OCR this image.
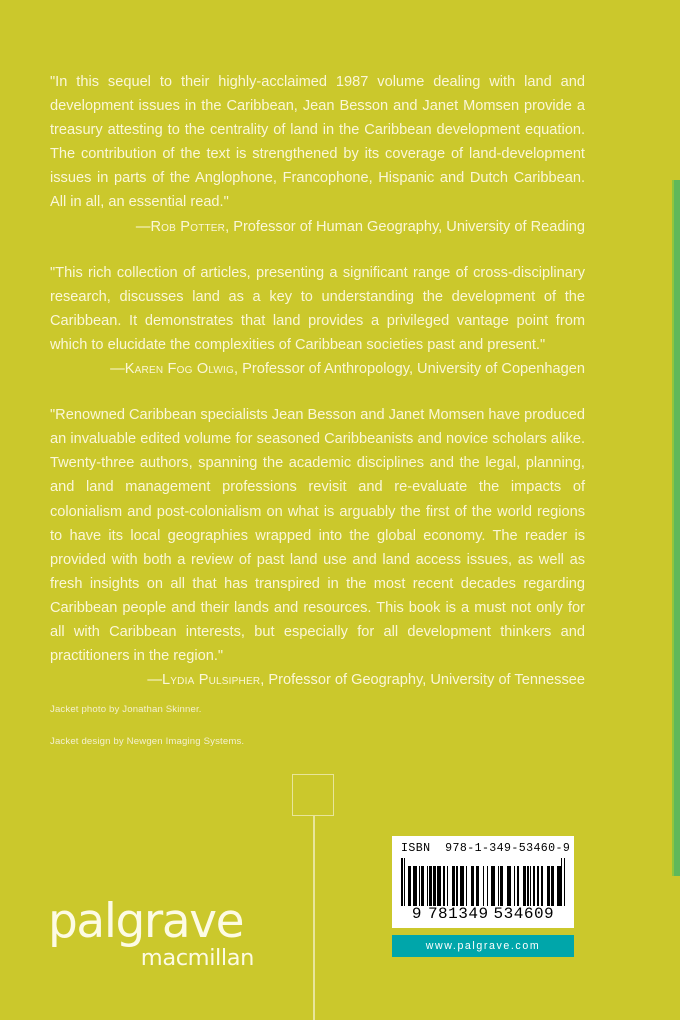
"In this sequel to their highly-acclaimed 1987 volume dealing with land and development issues in the Caribbean, Jean Besson and Janet Momsen provide a treasury attesting to the centrality of land in the Caribbean development equation. The contribution of the text is strengthened by its coverage of land-development issues in parts of the Anglophone, Francophone, Hispanic and Dutch Caribbean. All in all, an essential read."

—Rob Potter, Professor of Human Geography, University of Reading

"This rich collection of articles, presenting a significant range of cross-disciplinary research, discusses land as a key to understanding the development of the Caribbean. It demonstrates that land provides a privileged vantage point from which to elucidate the complexities of Caribbean societies past and present."

—Karen Fog Olwig, Professor of Anthropology, University of Copenhagen

"Renowned Caribbean specialists Jean Besson and Janet Momsen have produced an invaluable edited volume for seasoned Caribbeanists and novice scholars alike. Twenty-three authors, spanning the academic disciplines and the legal, planning, and land management professions revisit and re-evaluate the impacts of colonialism and post-colonialism on what is arguably the first of the world regions to have its local geographies wrapped into the global economy. The reader is provided with both a review of past land use and land access issues, as well as fresh insights on all that has transpired in the most recent decades regarding Caribbean people and their lands and resources. This book is a must not only for all with Caribbean interests, but especially for all development thinkers and practitioners in the region."

—Lydia Pulsipher, Professor of Geography, University of Tennessee

Jacket photo by Jonathan Skinner.

Jacket design by Newgen Imaging Systems.

palgrave
macmillan

ISBN 978-1-349-53460-9

9 781349 534609

www.palgrave.com
